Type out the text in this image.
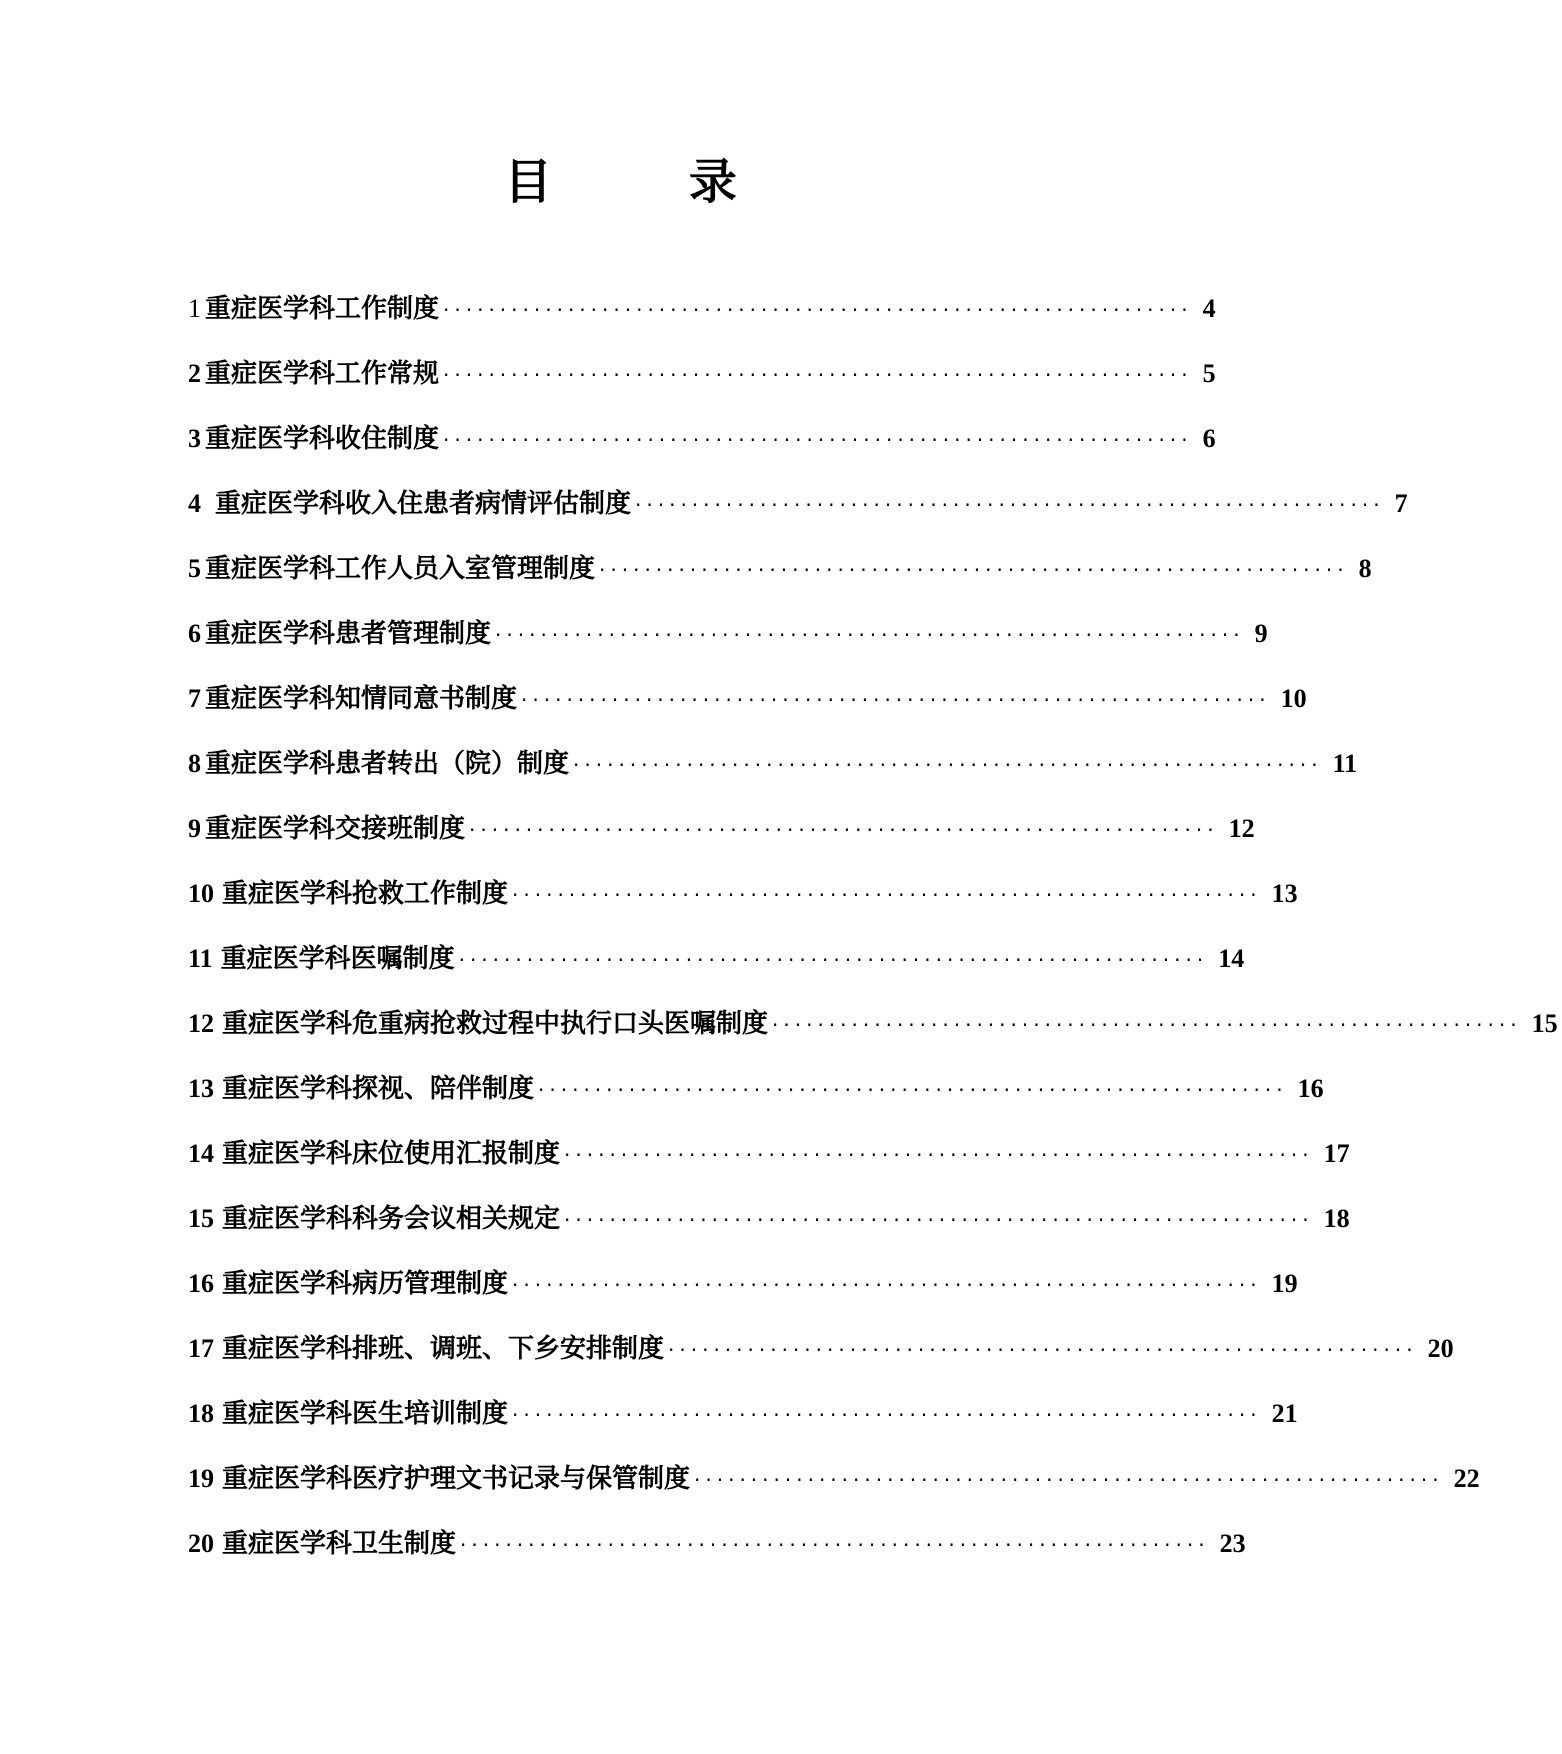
目 录
1 重症医学科工作制度 ·································································· 4
2 重症医学科工作常规 ·································································· 5
3 重症医学科收住制度 ·································································· 6
4 重症医学科收入住患者病情评估制度 ·································································· 7
5 重症医学科工作人员入室管理制度 ·································································· 8
6 重症医学科患者管理制度 ·································································· 9
7 重症医学科知情同意书制度 ·································································· 10
8 重症医学科患者转出（院）制度 ·································································· 11
9 重症医学科交接班制度 ·································································· 12
10 重症医学科抢救工作制度 ·································································· 13
11 重症医学科医嘱制度 ·································································· 14
12 重症医学科危重病抢救过程中执行口头医嘱制度 ·································································· 15
13 重症医学科探视、陪伴制度 ·································································· 16
14 重症医学科床位使用汇报制度 ·································································· 17
15 重症医学科科务会议相关规定 ·································································· 18
16 重症医学科病历管理制度 ·································································· 19
17 重症医学科排班、调班、下乡安排制度 ·································································· 20
18 重症医学科医生培训制度 ·································································· 21
19 重症医学科医疗护理文书记录与保管制度 ·································································· 22
20 重症医学科卫生制度 ·································································· 23
